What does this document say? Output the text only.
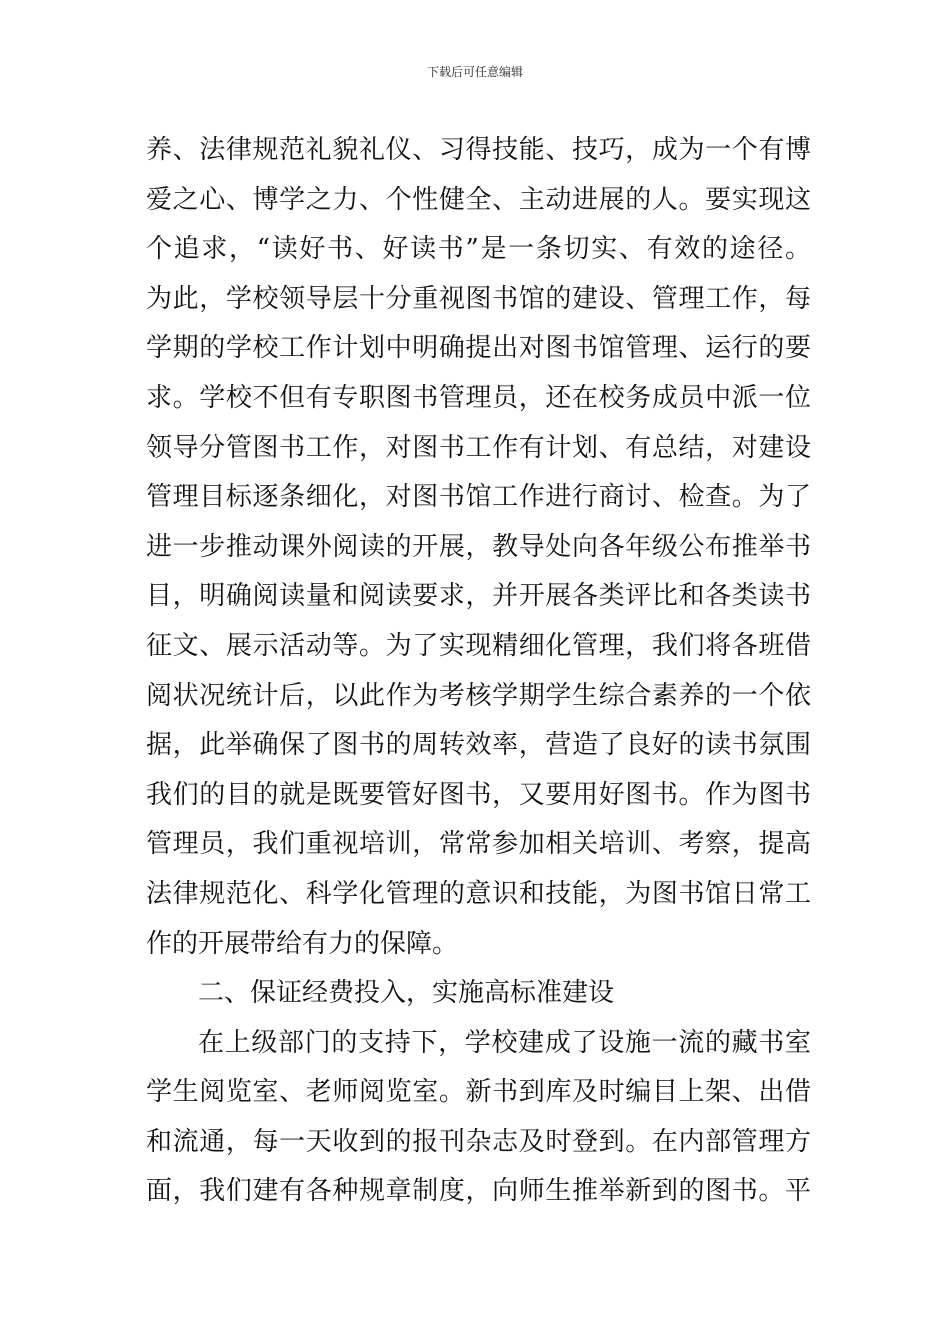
下载后可任意编辑
养、法律规范礼貌礼仪、习得技能、技巧，成为一个有博
爱之心、博学之力、个性健全、主动进展的人。要实现这
个追求，“读好书、好读书”是一条切实、有效的途径。
为此，学校领导层十分重视图书馆的建设、管理工作，每
学期的学校工作计划中明确提出对图书馆管理、运行的要
求。学校不但有专职图书管理员，还在校务成员中派一位
领导分管图书工作，对图书工作有计划、有总结，对建设
管理目标逐条细化，对图书馆工作进行商讨、检查。为了
进一步推动课外阅读的开展，教导处向各年级公布推举书
目，明确阅读量和阅读要求，并开展各类评比和各类读书
征文、展示活动等。为了实现精细化管理，我们将各班借
阅状况统计后，以此作为考核学期学生综合素养的一个依
据，此举确保了图书的周转效率，营造了良好的读书氛围
我们的目的就是既要管好图书，又要用好图书。作为图书
管理员，我们重视培训，常常参加相关培训、考察，提高
法律规范化、科学化管理的意识和技能，为图书馆日常工
作的开展带给有力的保障。
二、保证经费投入，实施高标准建设
在上级部门的支持下，学校建成了设施一流的藏书室
学生阅览室、老师阅览室。新书到库及时编目上架、出借
和流通，每一天收到的报刊杂志及时登到。在内部管理方
面，我们建有各种规章制度，向师生推举新到的图书。平
